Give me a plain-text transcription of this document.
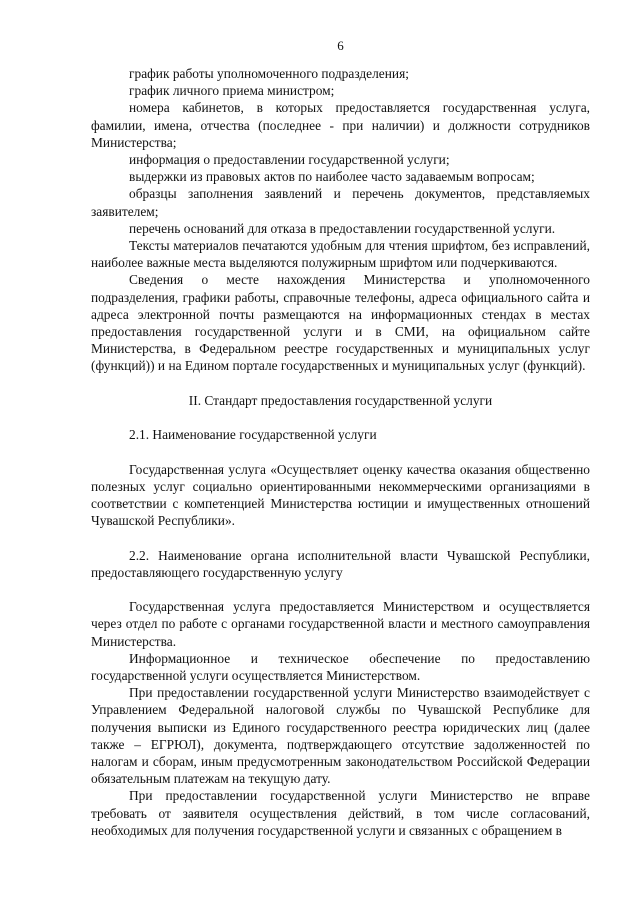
6

график работы уполномоченного подразделения;

график личного приема министром;

номера кабинетов, в которых предоставляется государственная услуга, фамилии, имена, отчества (последнее - при наличии) и должности сотрудников Министерства;

информация о предоставлении государственной услуги;

выдержки из правовых актов по наиболее часто задаваемым вопросам;

образцы заполнения заявлений и перечень документов, представляемых заявителем;

перечень оснований для отказа в предоставлении государственной услуги.

Тексты материалов печатаются удобным для чтения шрифтом, без исправлений, наиболее важные места выделяются полужирным шрифтом или подчеркиваются.

Сведения о месте нахождения Министерства и уполномоченного подразделения, графики работы, справочные телефоны, адреса официального сайта и адреса электронной почты размещаются на информационных стендах в местах предоставления государственной услуги и в СМИ, на официальном сайте Министерства, в Федеральном реестре государственных и муниципальных услуг (функций)) и на Едином портале государственных и муниципальных услуг (функций).

II. Стандарт предоставления государственной услуги

2.1. Наименование государственной услуги

Государственная услуга «Осуществляет оценку качества оказания общественно полезных услуг социально ориентированными некоммерческими организациями в соответствии с компетенцией Министерства юстиции и имущественных отношений Чувашской Республики».

2.2. Наименование органа исполнительной власти Чувашской Республики, предоставляющего государственную услугу

Государственная услуга предоставляется Министерством и осуществляется через отдел по работе с органами государственной власти и местного самоуправления Министерства.

Информационное и техническое обеспечение по предоставлению государственной услуги осуществляется Министерством.

При предоставлении государственной услуги Министерство взаимодействует с Управлением Федеральной налоговой службы по Чувашской Республике для получения выписки из Единого государственного реестра юридических лиц (далее также – ЕГРЮЛ), документа, подтверждающего отсутствие задолженностей по налогам и сборам, иным предусмотренным законодательством Российской Федерации обязательным платежам на текущую дату.

При предоставлении государственной услуги Министерство не вправе требовать от заявителя осуществления действий, в том числе согласований, необходимых для получения государственной услуги и связанных с обращением в
